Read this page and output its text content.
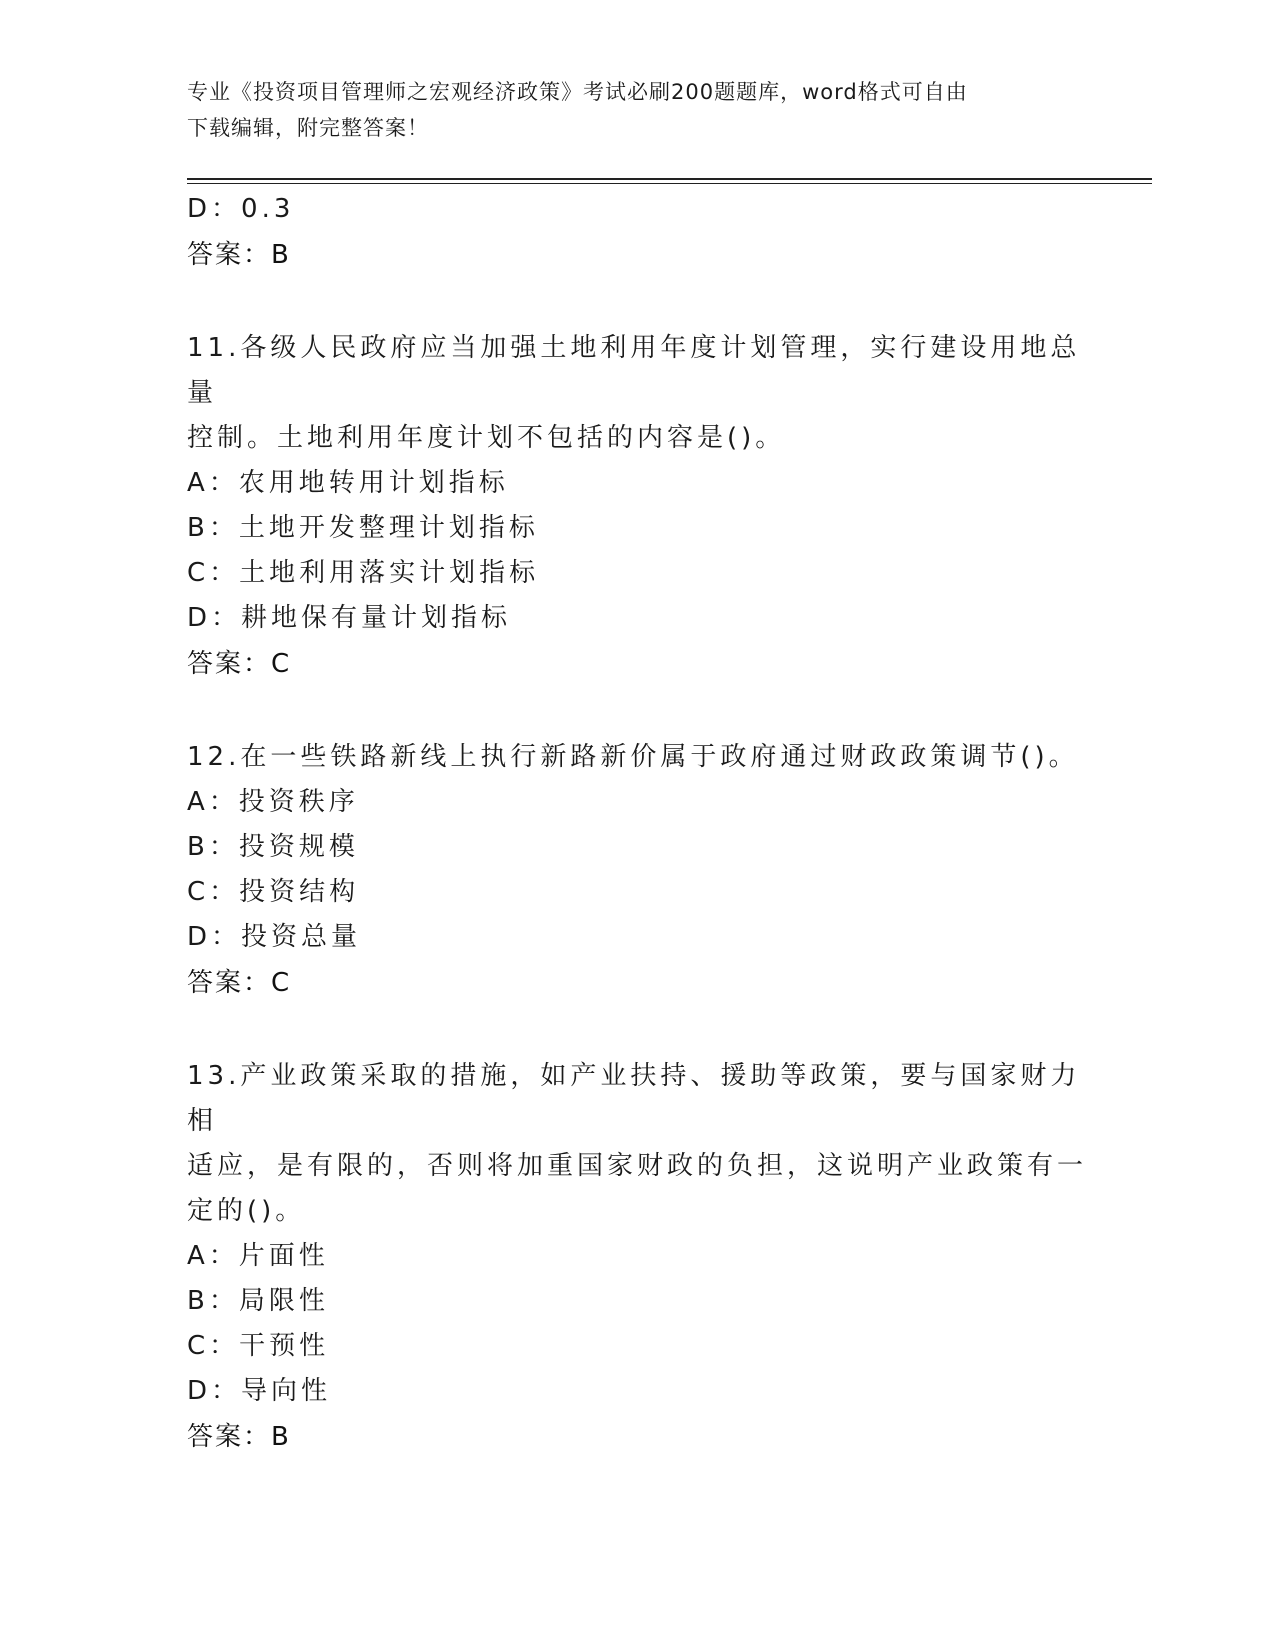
专业《投资项目管理师之宏观经济政策》考试必刷200题题库，word格式可自由
下载编辑，附完整答案！
D：0.3
答案：B
11.各级人民政府应当加强土地利用年度计划管理，实行建设用地总量
控制。土地利用年度计划不包括的内容是()。
A：农用地转用计划指标
B：土地开发整理计划指标
C：土地利用落实计划指标
D：耕地保有量计划指标
答案：C
12.在一些铁路新线上执行新路新价属于政府通过财政政策调节()。
A：投资秩序
B：投资规模
C：投资结构
D：投资总量
答案：C
13.产业政策采取的措施，如产业扶持、援助等政策，要与国家财力相
适应，是有限的，否则将加重国家财政的负担，这说明产业政策有一
定的()。
A：片面性
B：局限性
C：干预性
D：导向性
答案：B
